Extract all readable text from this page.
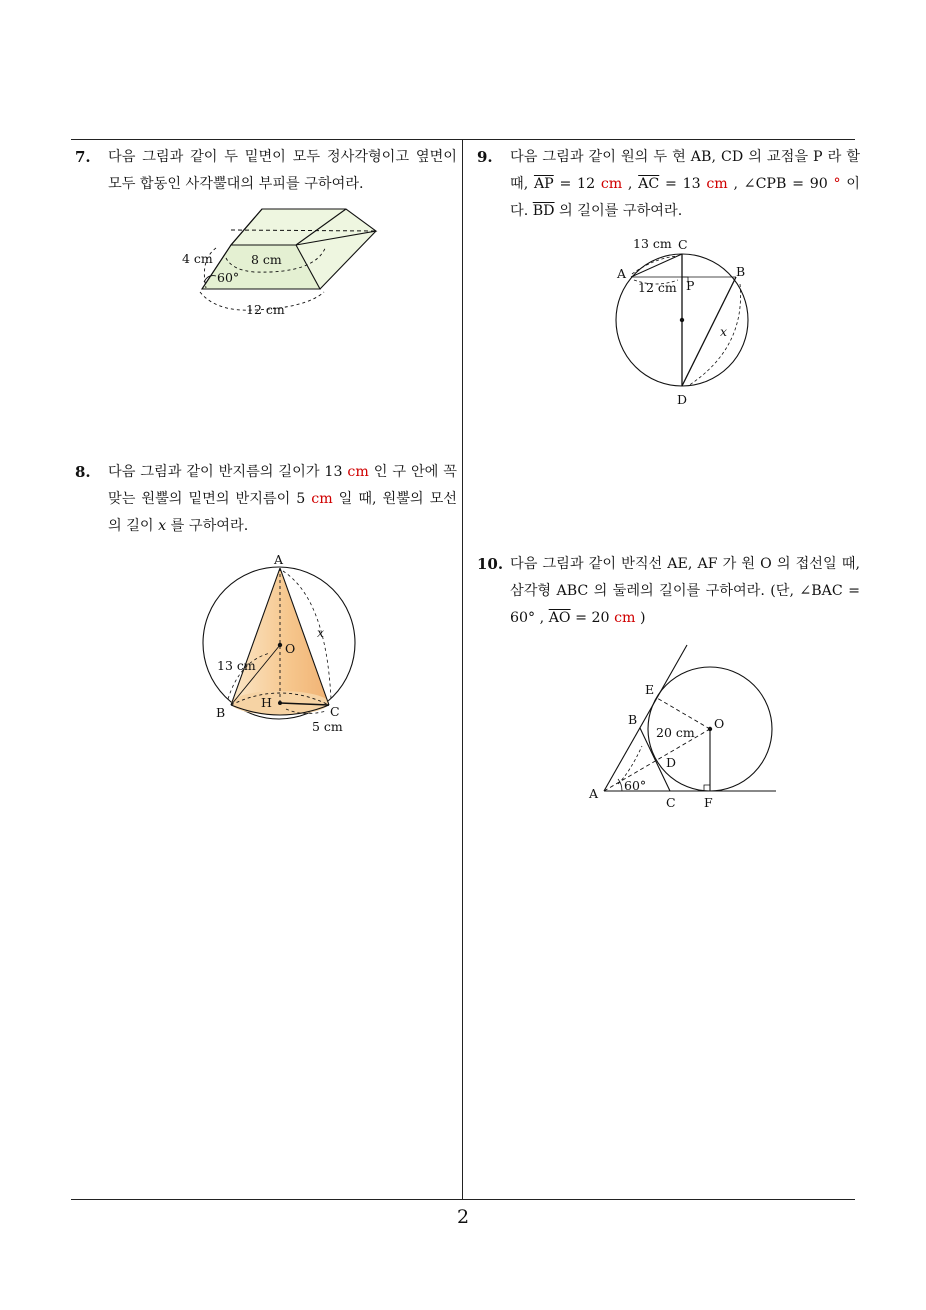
7. 다음 그림과 같이 두 밑면이 모두 정사각형이고 옆면이 모두 합동인 사각뿔대의 부피를 구하여라.
4 cm	8 cm
60°
12 cm
8. 다음 그림과 같이 반지름의 길이가 13 cm 인 구 안에 꼭맞는 원뿔의 밑면의 반지름이 5 cm 일 때, 원뿔의 모선의 길이 x 를 구하여라.
A
O
B
H
C
x
13 cm
5 cm
9. 다음 그림과 같이 원의 두 현 AB, CD 의 교점을 P 라 할 때, $\overline{AP} = 12$ cm , $\overline{AC} = 13$ cm , ∠CPB = 90 ° 이다. $\overline{BD}$ 의 길이를 구하여라.
C
A	B
P
D
x
13 cm
12 cm
10. 다음 그림과 같이 반직선 AE, AF 가 원 O 의 접선일 때, 삼각형 ABC 의 둘레의 길이를 구하여라. (단, ∠BAC = 60° , $\overline{AO} = 20$ cm )
E
B	O
D
A
C F
20 cm
60°
2
